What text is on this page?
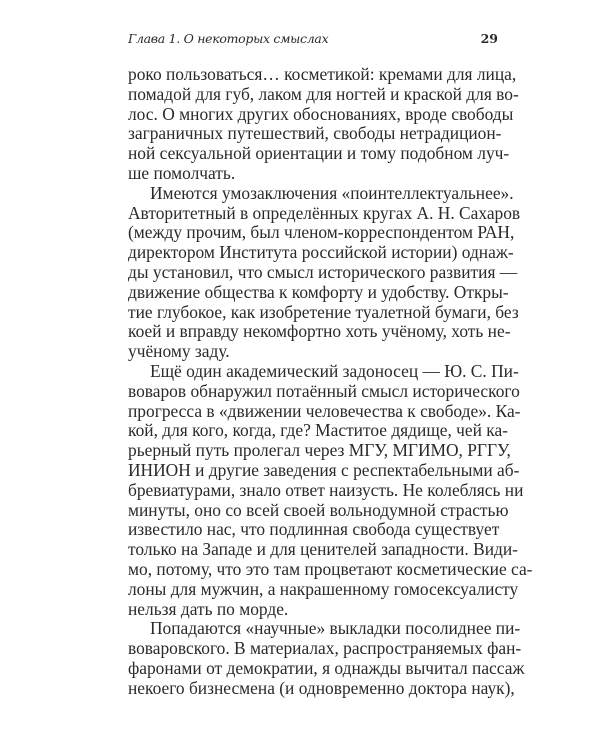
Глава 1. О некоторых смыслах	29
роко пользоваться… косметикой: кремами для лица,
помадой для губ, лаком для ногтей и краской для во-
лос. О многих других обоснованиях, вроде свободы
заграничных путешествий, свободы нетрадицион-
ной сексуальной ориентации и тому подобном луч-
ше помолчать.
Имеются умозаключения «поинтеллектуальнее».
Авторитетный в определённых кругах А. Н. Сахаров
(между прочим, был членом-корреспондентом РАН,
директором Института российской истории) однаж-
ды установил, что смысл исторического развития —
движение общества к комфорту и удобству. Откры-
тие глубокое, как изобретение туалетной бумаги, без
коей и вправду некомфортно хоть учёному, хоть не-
учёному заду.
Ещё один академический задоносец — Ю. С. Пи-
воваров обнаружил потаённый смысл исторического
прогресса в «движении человечества к свободе». Ка-
кой, для кого, когда, где? Маститое дядище, чей ка-
рьерный путь пролегал через МГУ, МГИМО, РГГУ,
ИНИОН и другие заведения с респектабельными аб-
бревиатурами, знало ответ наизусть. Не колеблясь ни
минуты, оно со всей своей вольнодумной страстью
известило нас, что подлинная свобода существует
только на Западе и для ценителей западности. Види-
мо, потому, что это там процветают косметические са-
лоны для мужчин, а накрашенному гомосексуалисту
нельзя дать по морде.
Попадаются «научные» выкладки посолиднее пи-
воваровского. В материалах, распространяемых фан-
фаронами от демократии, я однажды вычитал пассаж
некоего бизнесмена (и одновременно доктора наук),
